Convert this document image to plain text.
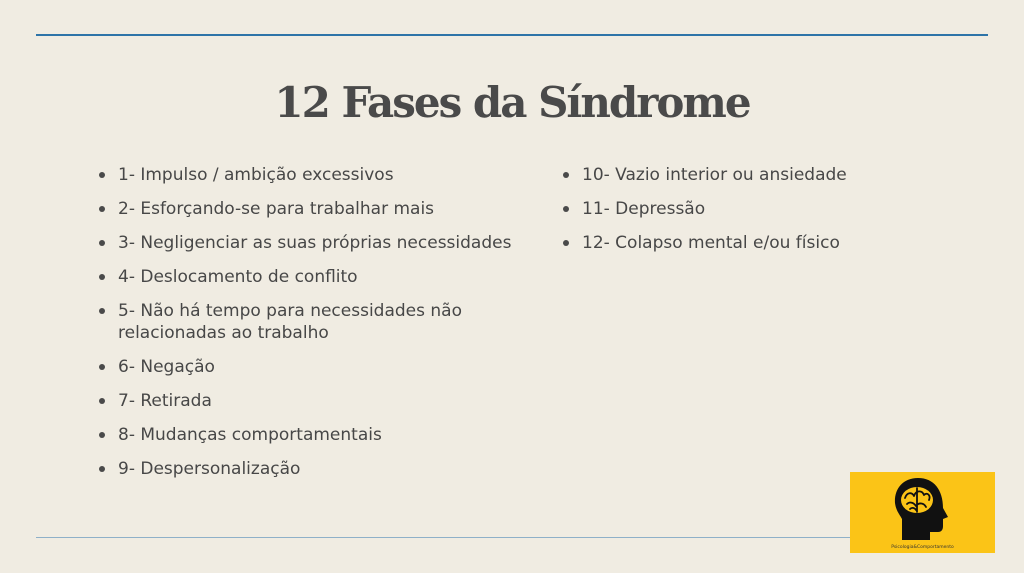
12 Fases da Síndrome
1- Impulso / ambição excessivos
2- Esforçando-se para trabalhar mais
3- Negligenciar as suas próprias necessidades
4- Deslocamento de conflito
5- Não há tempo para necessidades não relacionadas ao trabalho
6- Negação
7- Retirada
8- Mudanças comportamentais
9- Despersonalização
10- Vazio interior ou ansiedade
11- Depressão
12- Colapso mental e/ou físico
Psicologia&Comportamento
